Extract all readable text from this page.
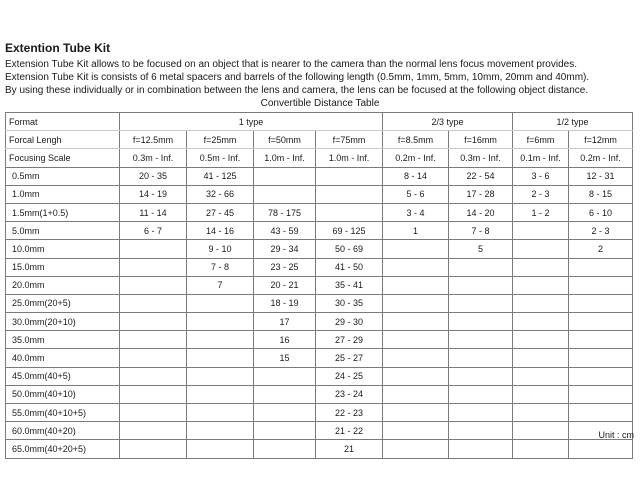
Extention Tube Kit
Extension Tube Kit allows to be focused on an object that is nearer to the camera than the normal lens focus movement provides.
Extension Tube Kit is consists of 6 metal spacers and barrels of the following length (0.5mm, 1mm, 5mm, 10mm, 20mm and 40mm).
By using these individually or in combination between the lens and camera, the lens can be focused at the following object distance.
Convertible Distance Table
Format	1 type				2/3 type		1/2 type	
Forcal Lengh	f=12.5mm	f=25mm	f=50mm	f=75mm	f=8.5mm	f=16mm	f=6mm	f=12mm
Focusing Scale	0.3m - Inf.	0.5m - Inf.	1.0m - Inf.	1.0m - Inf.	0.2m - Inf.	0.3m - Inf.	0.1m - Inf.	0.2m - Inf.
0.5mm	20 - 35	41 - 125			8 - 14	22 - 54	3 - 6	12 - 31
1.0mm	14 - 19	32 - 66			5 - 6	17 - 28	2 - 3	8 - 15
1.5mm(1+0.5)	11 - 14	27 - 45	78 - 175		3 - 4	14 - 20	1 - 2	6 - 10
5.0mm	6 - 7	14 - 16	43 - 59	69 - 125	1	7 - 8		2 - 3
10.0mm		9 - 10	29 - 34	50 - 69		5		2
15.0mm		7 - 8	23 - 25	41 - 50				
20.0mm		7	20 - 21	35 - 41				
25.0mm(20+5)			18 - 19	30 - 35				
30.0mm(20+10)			17	29 - 30				
35.0mm			16	27 - 29				
40.0mm			15	25 - 27				
45.0mm(40+5)				24 - 25				
50.0mm(40+10)				23 - 24				
55.0mm(40+10+5)				22 - 23				
60.0mm(40+20)				21 - 22				
65.0mm(40+20+5)				21				
Unit : cm
